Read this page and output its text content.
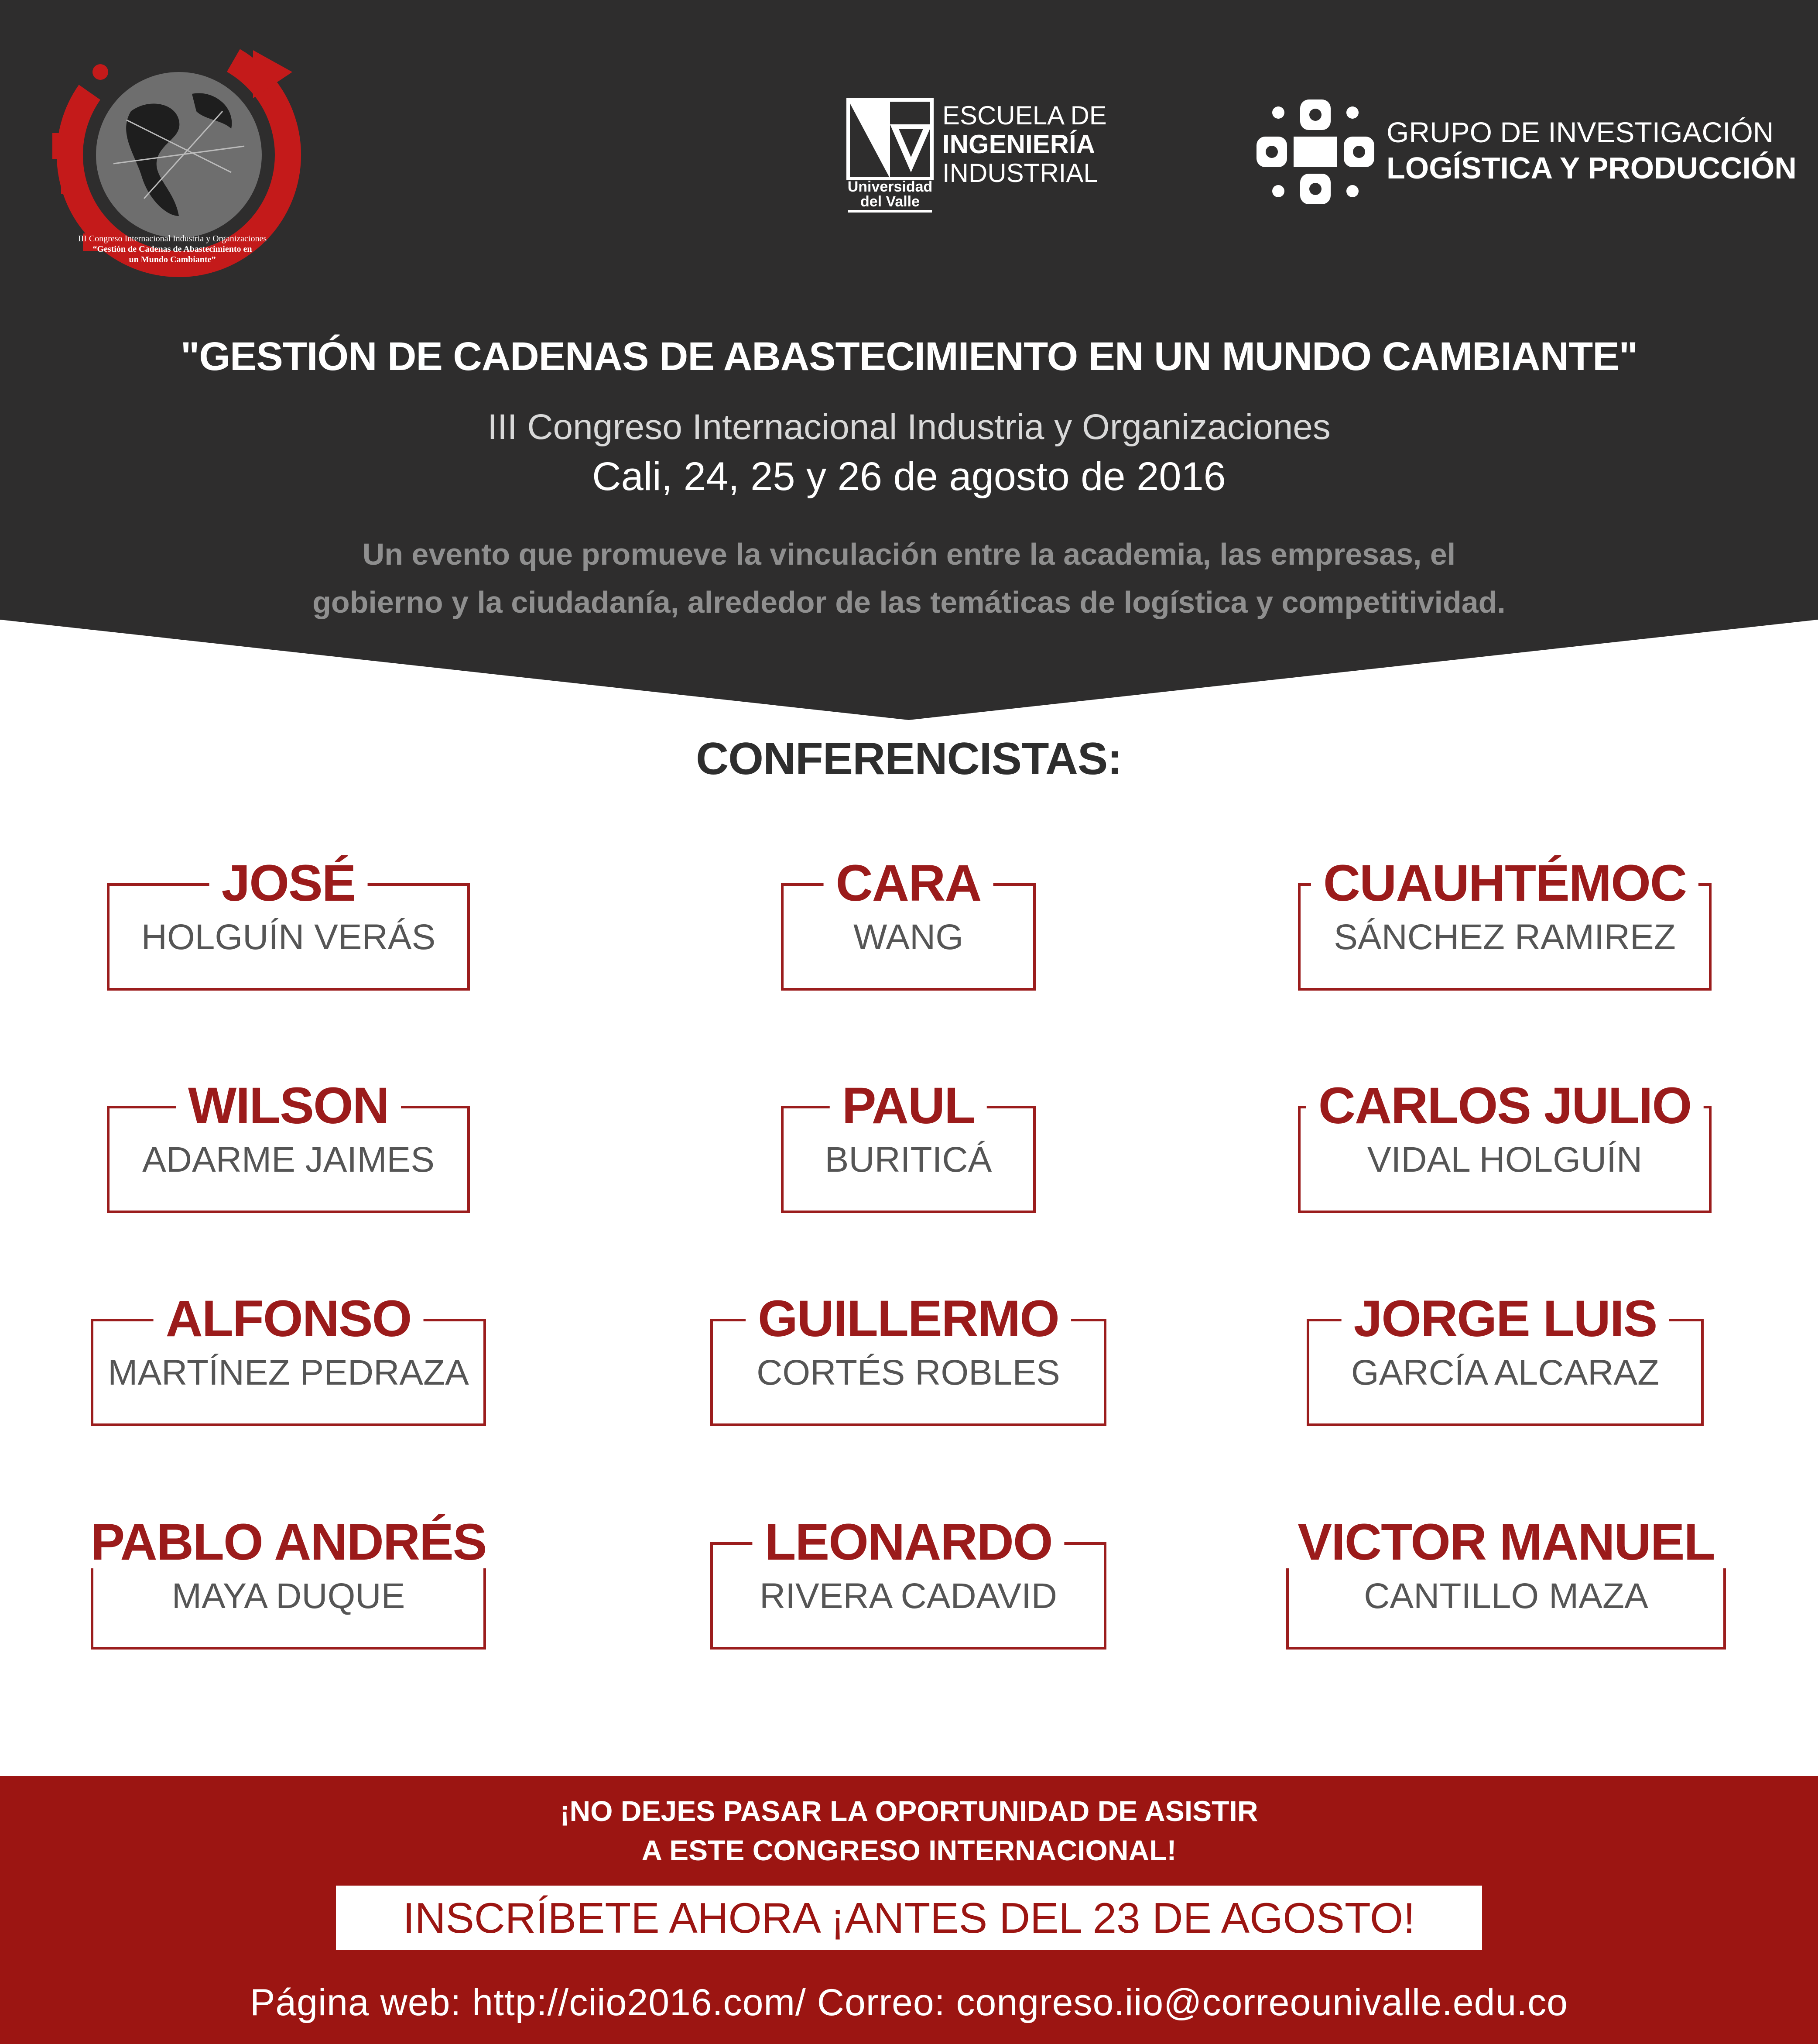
III Congreso Internacional Industria y Organizaciones
“Gestión de Cadenas de Abastecimiento en
un Mundo Cambiante”
Universidad
del Valle
ESCUELA DE
INGENIERÍA
INDUSTRIAL
GRUPO DE INVESTIGACIÓN
LOGÍSTICA Y PRODUCCIÓN
"GESTIÓN DE CADENAS DE ABASTECIMIENTO EN UN MUNDO CAMBIANTE"
III Congreso Internacional Industria y Organizaciones
Cali, 24, 25 y 26 de agosto de 2016
Un evento que promueve la vinculación entre la academia, las empresas, el
gobierno y la ciudadanía, alrededor de las temáticas de logística y competitividad.
CONFERENCISTAS:
JOSÉ
HOLGUÍN VERÁS
CARA
WANG
CUAUHTÉMOC
SÁNCHEZ RAMIREZ
WILSON
ADARME JAIMES
PAUL
BURITICÁ
CARLOS JULIO
VIDAL HOLGUÍN
ALFONSO
MARTÍNEZ PEDRAZA
GUILLERMO
CORTÉS ROBLES
JORGE LUIS
GARCÍA ALCARAZ
PABLO ANDRÉS
MAYA DUQUE
LEONARDO
RIVERA CADAVID
VICTOR MANUEL
CANTILLO MAZA
¡NO DEJES PASAR LA OPORTUNIDAD DE ASISTIR
A ESTE CONGRESO INTERNACIONAL!
INSCRÍBETE AHORA ¡ANTES DEL 23 DE AGOSTO!
Página web: http://ciio2016.com/ Correo: congreso.iio@correounivalle.edu.co
